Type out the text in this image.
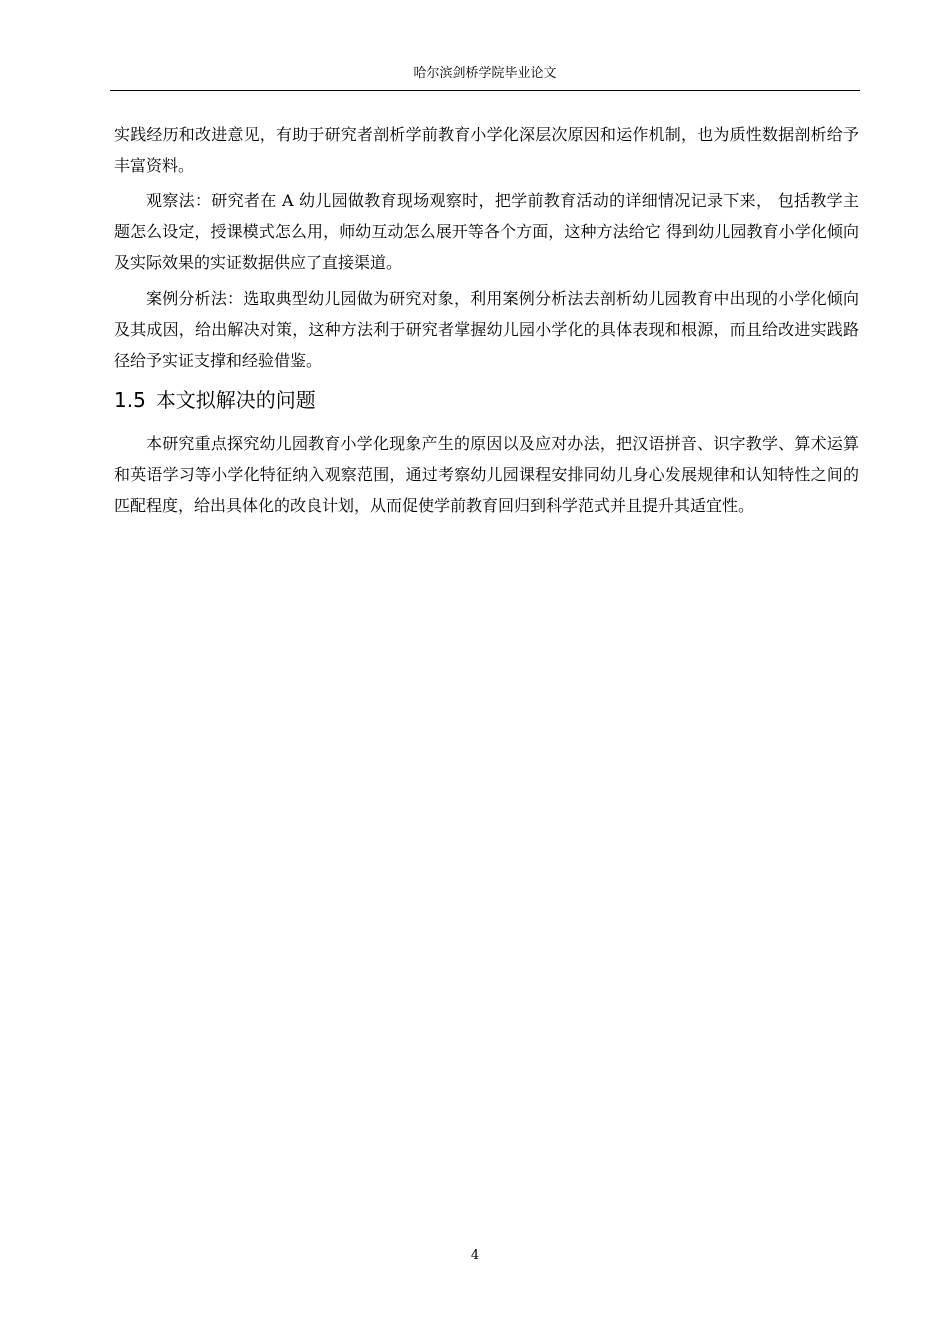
哈尔滨剑桥学院毕业论文

实践经历和改进意见，有助于研究者剖析学前教育小学化深层次原因和运作机制，也为质性数据剖析给予丰富资料。

观察法：研究者在 A 幼儿园做教育现场观察时，把学前教育活动的详细情况记录下来， 包括教学主题怎么设定，授课模式怎么用，师幼互动怎么展开等各个方面，这种方法给它 得到幼儿园教育小学化倾向及实际效果的实证数据供应了直接渠道。

案例分析法：选取典型幼儿园做为研究对象，利用案例分析法去剖析幼儿园教育中出现的小学化倾向及其成因，给出解决对策，这种方法利于研究者掌握幼儿园小学化的具体表现和根源，而且给改进实践路径给予实证支撑和经验借鉴。

1.5 本文拟解决的问题

本研究重点探究幼儿园教育小学化现象产生的原因以及应对办法，把汉语拼音、识字教学、算术运算和英语学习等小学化特征纳入观察范围，通过考察幼儿园课程安排同幼儿身心发展规律和认知特性之间的匹配程度，给出具体化的改良计划，从而促使学前教育回归到科学范式并且提升其适宜性。

4
